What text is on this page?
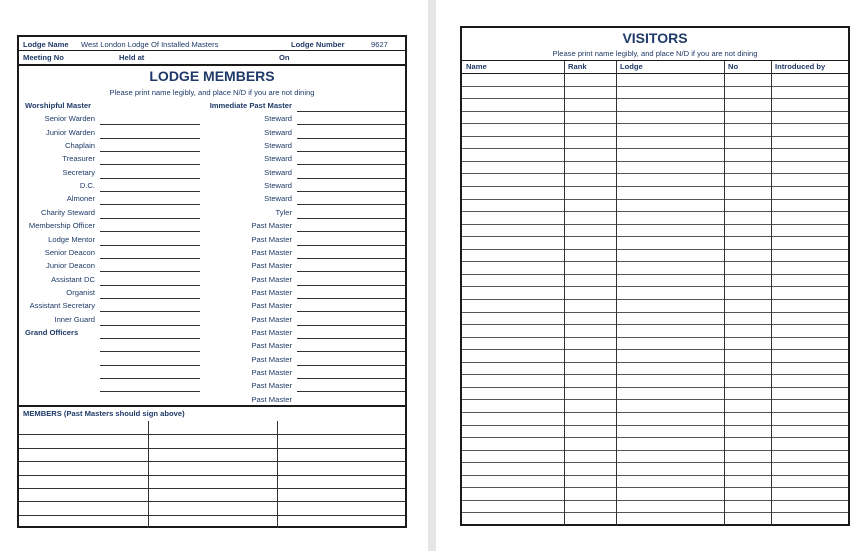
Lodge Name West London Lodge Of Installed Masters	Lodge Number	9627
Meeting No	Held at	On
LODGE MEMBERS
Please print name legibly, and place N/D if you are not dining
Worshipful Master	Immediate Past Master
Senior Warden	Steward
Junior Warden	Steward
Chaplain	Steward
Treasurer	Steward
Secretary	Steward
D.C.	Steward
Almoner	Steward
Charity Steward	Tyler
Membership Officer	Past Master
Lodge Mentor	Past Master
Senior Deacon	Past Master
Junior Deacon	Past Master
Assistant DC	Past Master
Organist	Past Master
Assistant Secretary	Past Master
Inner Guard	Past Master
Grand Officers	Past Master
Past Master
Past Master
Past Master
Past Master
Past Master
MEMBERS (Past Masters should sign above)
VISITORS
Please print name legibly, and place N/D if you are not dining
Name	Rank	Lodge	No	Introduced by
